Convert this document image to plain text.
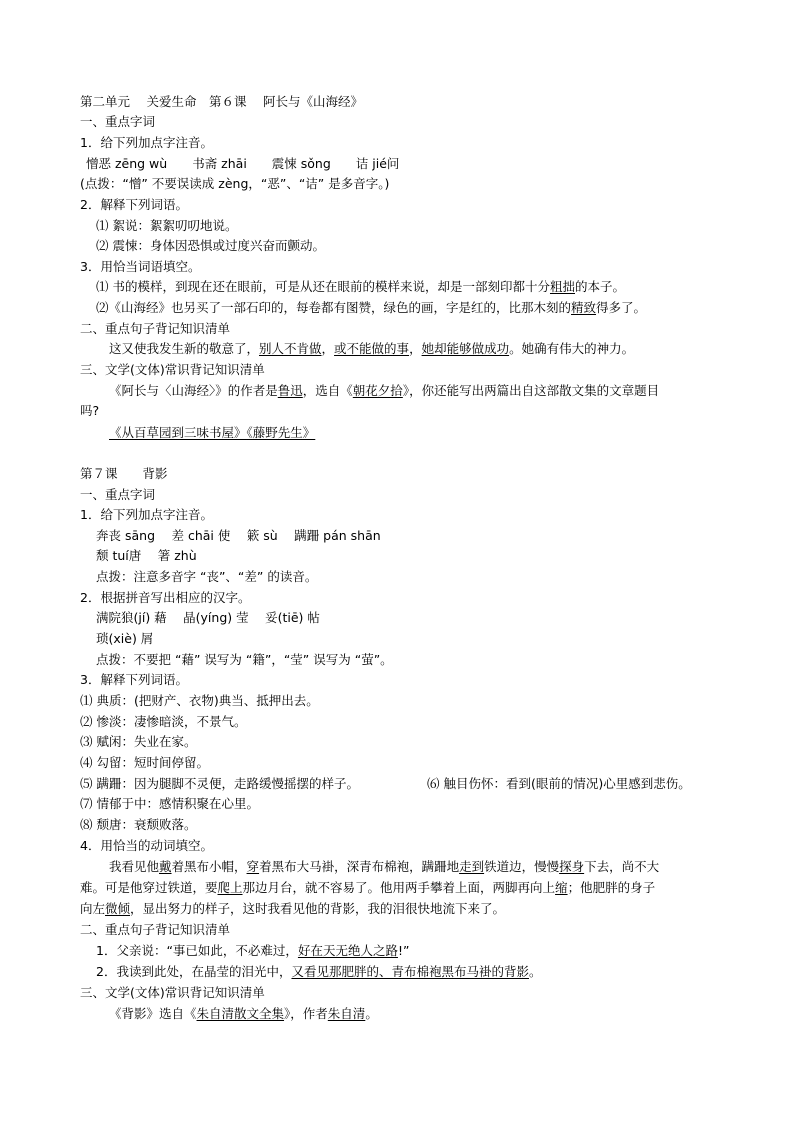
第二单元　 关爱生命　第６课　 阿长与《山海经》
一、重点字词
1．给下列加点字注音。
憎恶 zēng wù　　书斋 zhāi　　震悚 sǒng　　诘 jié问
(点拨：“憎” 不要误读成 zèng，“恶”、“诘” 是多音字。)
2．解释下列词语。
⑴ 絮说：絮絮叨叨地说。
⑵ 震悚：身体因恐惧或过度兴奋而颤动。
3．用恰当词语填空。
⑴ 书的模样，到现在还在眼前，可是从还在眼前的模样来说，却是一部刻印都十分粗拙的本子。
⑵《山海经》也另买了一部石印的，每卷都有图赞，绿色的画，字是红的，比那木刻的精致得多了。
二、重点句子背记知识清单
这又使我发生新的敬意了，别人不肯做，或不能做的事，她却能够做成功。她确有伟大的神力。
三、文学(文体)常识背记知识清单
《阿长与〈山海经〉》的作者是鲁迅，选自《朝花夕拾》，你还能写出两篇出自这部散文集的文章题目
吗?
《从百草园到三味书屋》《藤野先生》
第７课　　背影
一、重点字词
1．给下列加点字注音。
奔丧 sāng　 差 chāi 使　 簌 sù　 蹒跚 pán shān
颓 tuí唐　 箸 zhù
点拨：注意多音字 “丧”、“差” 的读音。
2．根据拼音写出相应的汉字。
满院狼(jí) 藉　 晶(yíng) 莹　 妥(tiē) 帖
琐(xiè) 屑
点拨：不要把 “藉” 误写为 “籍”，“莹” 误写为 “萤”。
3．解释下列词语。
⑴ 典质：(把财产、衣物)典当、抵押出去。
⑵ 惨淡：凄惨暗淡，不景气。
⑶ 赋闲：失业在家。
⑷ 勾留：短时间停留。
⑸ 蹒跚：因为腿脚不灵便，走路缓慢摇摆的样子。	⑹ 触目伤怀：看到(眼前的情况)心里感到悲伤。
⑺ 情郁于中：感情积聚在心里。
⑻ 颓唐：衰颓败落。
4．用恰当的动词填空。
我看见他戴着黑布小帽，穿着黑布大马褂，深青布棉袍，蹒跚地走到铁道边，慢慢探身下去，尚不大
难。可是他穿过铁道，要爬上那边月台，就不容易了。他用两手攀着上面，两脚再向上缩；他肥胖的身子
向左微倾，显出努力的样子，这时我看见他的背影，我的泪很快地流下来了。
二、重点句子背记知识清单
1．父亲说：“事已如此，不必难过，好在天无绝人之路!”
2．我读到此处，在晶莹的泪光中，又看见那肥胖的、青布棉袍黑布马褂的背影。
三、文学(文体)常识背记知识清单
《背影》选自《朱自清散文全集》，作者朱自清。
